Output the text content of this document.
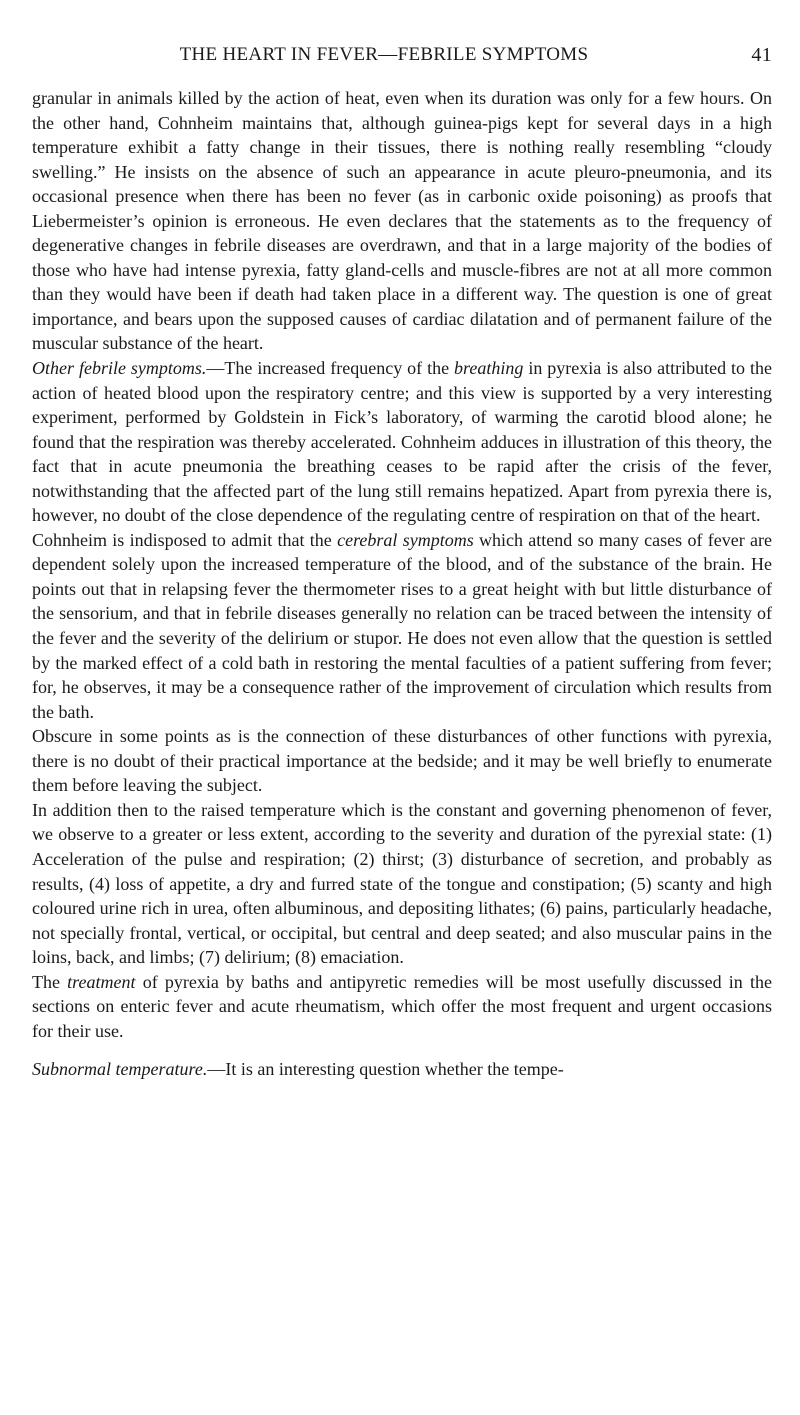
THE HEART IN FEVER—FEBRILE SYMPTOMS	41

granular in animals killed by the action of heat, even when its duration was only for a few hours. On the other hand, Cohnheim maintains that, although guinea-pigs kept for several days in a high temperature exhibit a fatty change in their tissues, there is nothing really resembling “cloudy swelling.” He insists on the absence of such an appearance in acute pleuro-pneumonia, and its occasional presence when there has been no fever (as in carbonic oxide poisoning) as proofs that Liebermeister’s opinion is erroneous. He even declares that the statements as to the frequency of degenerative changes in febrile diseases are overdrawn, and that in a large majority of the bodies of those who have had intense pyrexia, fatty gland-cells and muscle-fibres are not at all more common than they would have been if death had taken place in a different way. The question is one of great importance, and bears upon the supposed causes of cardiac dilatation and of permanent failure of the muscular substance of the heart.

Other febrile symptoms.—The increased frequency of the breathing in pyrexia is also attributed to the action of heated blood upon the respiratory centre; and this view is supported by a very interesting experiment, performed by Goldstein in Fick’s laboratory, of warming the carotid blood alone; he found that the respiration was thereby accelerated. Cohnheim adduces in illustration of this theory, the fact that in acute pneumonia the breathing ceases to be rapid after the crisis of the fever, notwithstanding that the affected part of the lung still remains hepatized. Apart from pyrexia there is, however, no doubt of the close dependence of the regulating centre of respiration on that of the heart.

Cohnheim is indisposed to admit that the cerebral symptoms which attend so many cases of fever are dependent solely upon the increased temperature of the blood, and of the substance of the brain. He points out that in relapsing fever the thermometer rises to a great height with but little disturbance of the sensorium, and that in febrile diseases generally no relation can be traced between the intensity of the fever and the severity of the delirium or stupor. He does not even allow that the question is settled by the marked effect of a cold bath in restoring the mental faculties of a patient suffering from fever; for, he observes, it may be a consequence rather of the improvement of circulation which results from the bath.

Obscure in some points as is the connection of these disturbances of other functions with pyrexia, there is no doubt of their practical importance at the bedside; and it may be well briefly to enumerate them before leaving the subject.

In addition then to the raised temperature which is the constant and governing phenomenon of fever, we observe to a greater or less extent, according to the severity and duration of the pyrexial state: (1) Acceleration of the pulse and respiration; (2) thirst; (3) disturbance of secretion, and probably as results, (4) loss of appetite, a dry and furred state of the tongue and constipation; (5) scanty and high coloured urine rich in urea, often albuminous, and depositing lithates; (6) pains, particularly headache, not specially frontal, vertical, or occipital, but central and deep seated; and also muscular pains in the loins, back, and limbs; (7) delirium; (8) emaciation.

The treatment of pyrexia by baths and antipyretic remedies will be most usefully discussed in the sections on enteric fever and acute rheumatism, which offer the most frequent and urgent occasions for their use.

Subnormal temperature.—It is an interesting question whether the tempe-
